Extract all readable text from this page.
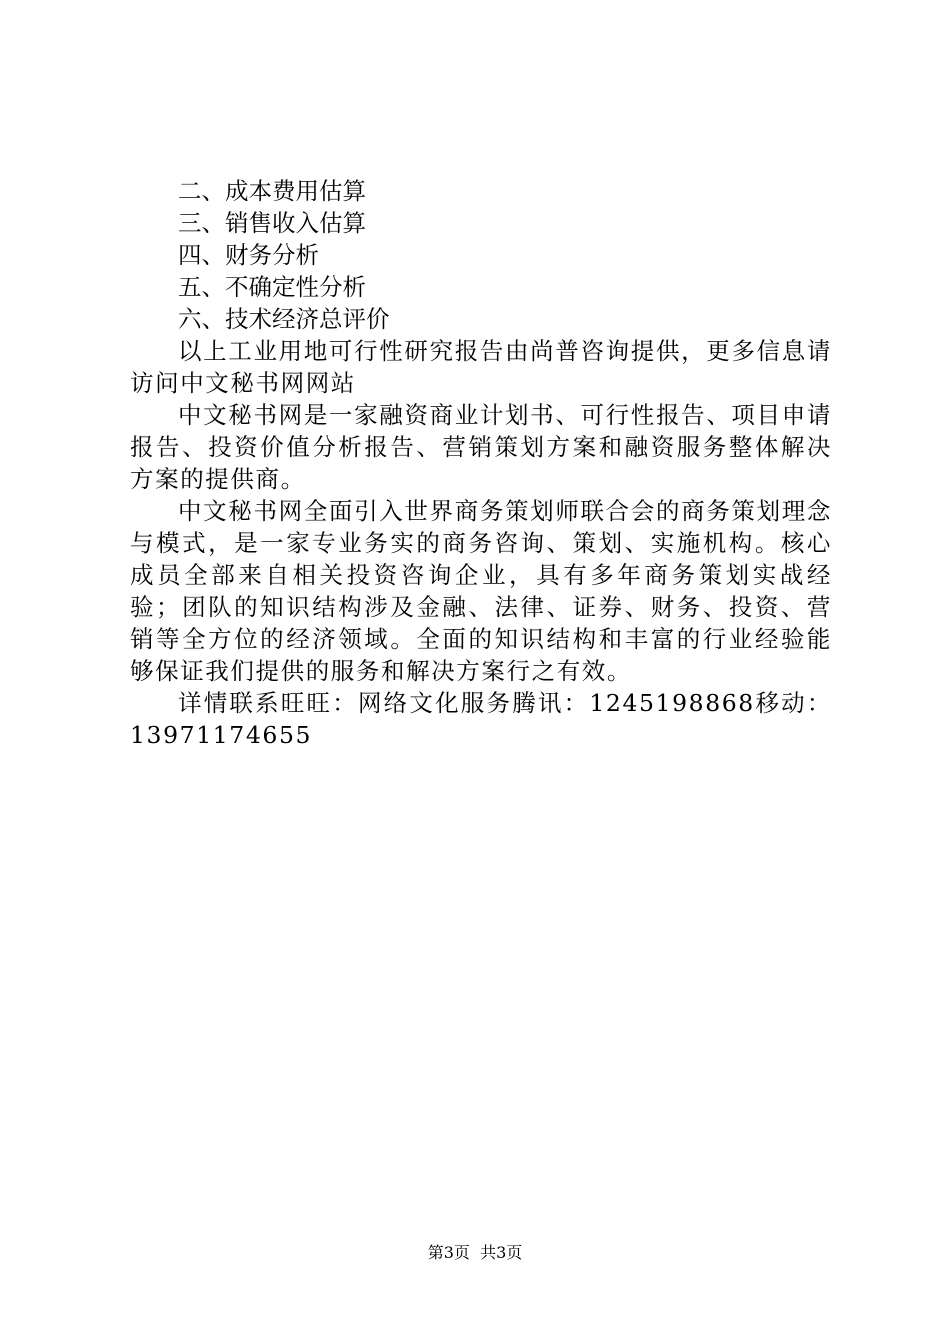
二、成本费用估算
三、销售收入估算
四、财务分析
五、不确定性分析
六、技术经济总评价
以上工业用地可行性研究报告由尚普咨询提供，更多信息请访问中文秘书网网站
中文秘书网是一家融资商业计划书、可行性报告、项目申请报告、投资价值分析报告、营销策划方案和融资服务整体解决方案的提供商。
中文秘书网全面引入世界商务策划师联合会的商务策划理念与模式，是一家专业务实的商务咨询、策划、实施机构。核心成员全部来自相关投资咨询企业，具有多年商务策划实战经验；团队的知识结构涉及金融、法律、证券、财务、投资、营销等全方位的经济领域。全面的知识结构和丰富的行业经验能够保证我们提供的服务和解决方案行之有效。
详情联系旺旺：网络文化服务腾讯：1245198868移动：13971174655
第3页  共3页
